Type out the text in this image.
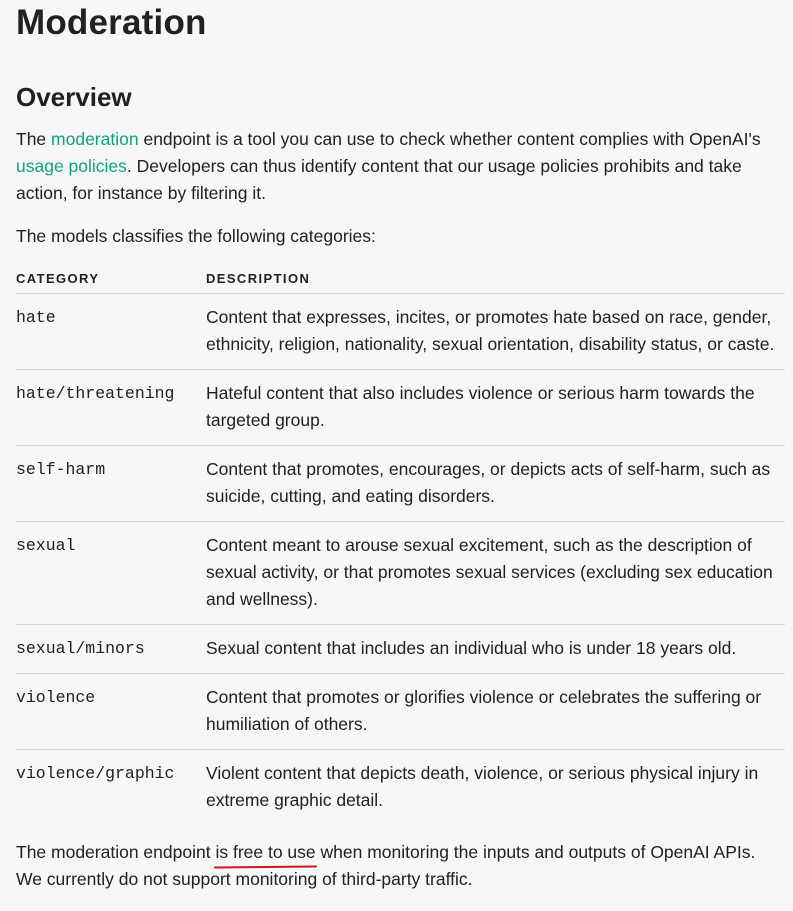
Moderation
Overview

The moderation endpoint is a tool you can use to check whether content complies with OpenAI's usage policies. Developers can thus identify content that our usage policies prohibits and take action, for instance by filtering it.

The models classifies the following categories:

CATEGORY	DESCRIPTION
hate	Content that expresses, incites, or promotes hate based on race, gender, ethnicity, religion, nationality, sexual orientation, disability status, or caste.
hate/threatening	Hateful content that also includes violence or serious harm towards the targeted group.
self-harm	Content that promotes, encourages, or depicts acts of self-harm, such as suicide, cutting, and eating disorders.
sexual	Content meant to arouse sexual excitement, such as the description of sexual activity, or that promotes sexual services (excluding sex education and wellness).
sexual/minors	Sexual content that includes an individual who is under 18 years old.
violence	Content that promotes or glorifies violence or celebrates the suffering or humiliation of others.
violence/graphic	Violent content that depicts death, violence, or serious physical injury in extreme graphic detail.

The moderation endpoint is free to use when monitoring the inputs and outputs of OpenAI APIs. We currently do not support monitoring of third-party traffic.
